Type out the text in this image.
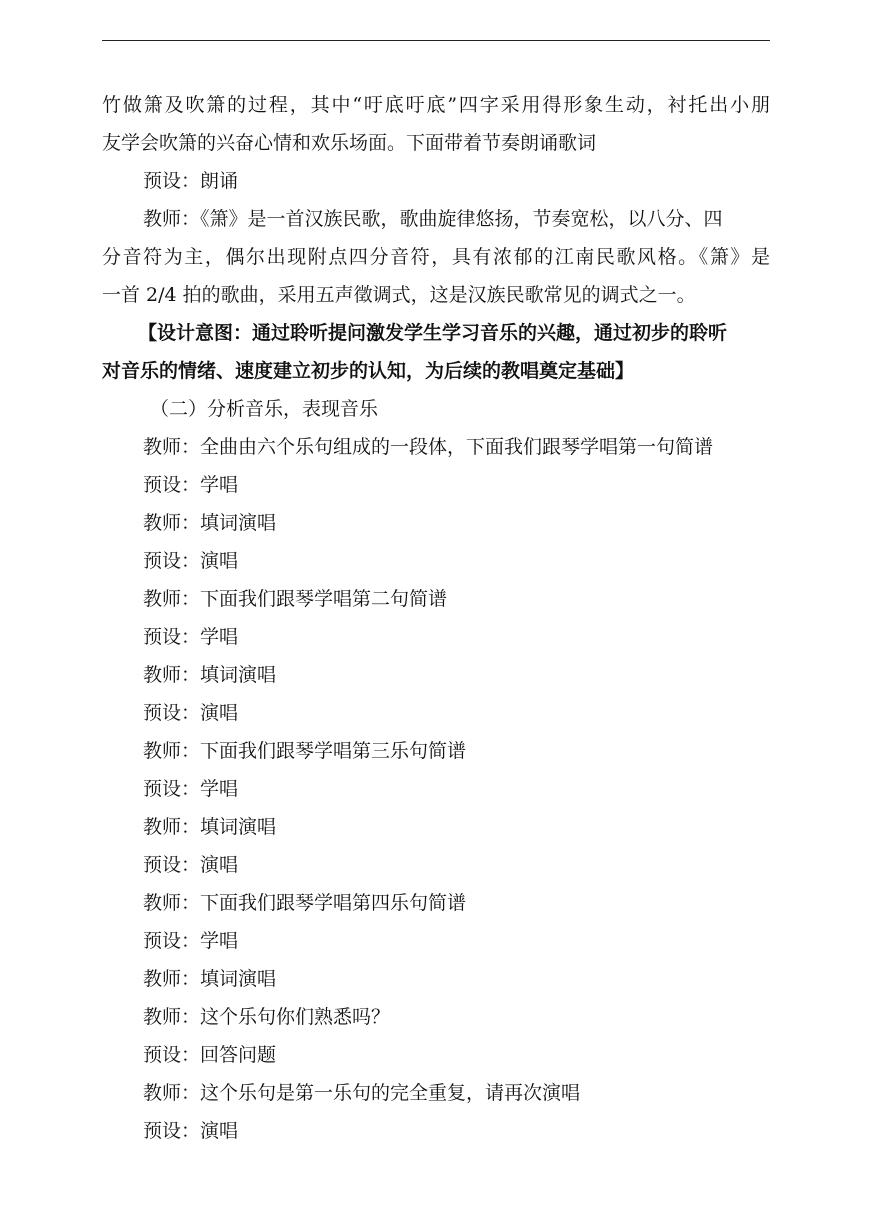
竹做箫及吹箫的过程，其中“吁底吁底”四字采用得形象生动，衬托出小朋
友学会吹箫的兴奋心情和欢乐场面。下面带着节奏朗诵歌词
预设：朗诵
教师：《箫》是一首汉族民歌，歌曲旋律悠扬，节奏宽松，以八分、四
分音符为主，偶尔出现附点四分音符，具有浓郁的江南民歌风格。《箫》是
一首 2/4 拍的歌曲，采用五声徵调式，这是汉族民歌常见的调式之一。
【设计意图：通过聆听提问激发学生学习音乐的兴趣，通过初步的聆听
对音乐的情绪、速度建立初步的认知，为后续的教唱奠定基础】
（二）分析音乐，表现音乐
教师：全曲由六个乐句组成的一段体，下面我们跟琴学唱第一句简谱
预设：学唱
教师：填词演唱
预设：演唱
教师：下面我们跟琴学唱第二句简谱
预设：学唱
教师：填词演唱
预设：演唱
教师：下面我们跟琴学唱第三乐句简谱
预设：学唱
教师：填词演唱
预设：演唱
教师：下面我们跟琴学唱第四乐句简谱
预设：学唱
教师：填词演唱
教师：这个乐句你们熟悉吗？
预设：回答问题
教师：这个乐句是第一乐句的完全重复，请再次演唱
预设：演唱
